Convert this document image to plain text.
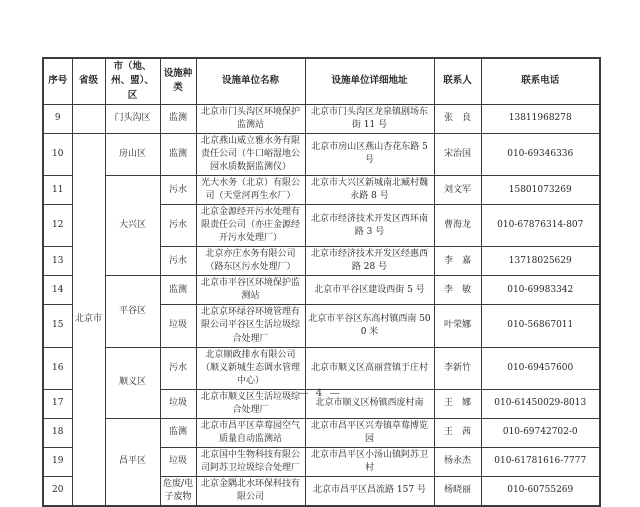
序号	省级	市（地、州、盟）、区	设施种类	设施单位名称	设施单位详细地址	联系人	联系电话
9		门头沟区	监测	北京市门头沟区环境保护监测站	北京市门头沟区龙泉镇剧场东街 11 号	张　良	13811968278
10	北京市	房山区	监测	北京燕山威立雅水务有限责任公司（牛口峪湿地公园水质数据监测仪）	北京市房山区燕山杏花东路 5 号	宋治国	010-69346336
11		大兴区	污水	光大水务（北京）有限公司（天堂河再生水厂）	北京市大兴区新城南北臧村魏永路 8 号	刘文军	15801073269
12			污水	北京金源经开污水处理有限责任公司（亦庄金源经开污水处理厂）	北京市经济技术开发区西环南路 3 号	曹海龙	010-67876314-807
13			污水	北京亦庄水务有限公司（路东区污水处理厂）	北京市经济技术开发区经惠西路 28 号	李　嘉	13718025629
14		平谷区	监测	北京市平谷区环境保护监测站	北京市平谷区建设西街 5 号	李　敏	010-69983342
15			垃圾	北京京环绿谷环境管理有限公司平谷区生活垃圾综合处理厂	北京市平谷区东高村镇西南 500 米	叶荣娜	010-56867011
16		顺义区	污水	北京顺政排水有限公司（顺义新城生态调水管理中心）	北京市顺义区高丽营镇于庄村	李新竹	010-69457600
17			垃圾	北京市顺义区生活垃圾综合处理厂	北京市顺义区杨镇西庞村南	王　娜	010-61450029-8013
18		昌平区	监测	北京市昌平区草莓园空气质量自动监测站	北京市昌平区兴寿镇草莓博览园	王　茜	010-69742702-0
19			垃圾	北京国中生物科技有限公司阿苏卫垃圾综合处理厂	北京市昌平区小汤山镇阿苏卫村	杨永杰	010-61781616-7777
20			危废/电子废物	北京金隅北水环保科技有限公司	北京市昌平区昌流路 157 号	杨晓丽	010-60755269
— 4 —
